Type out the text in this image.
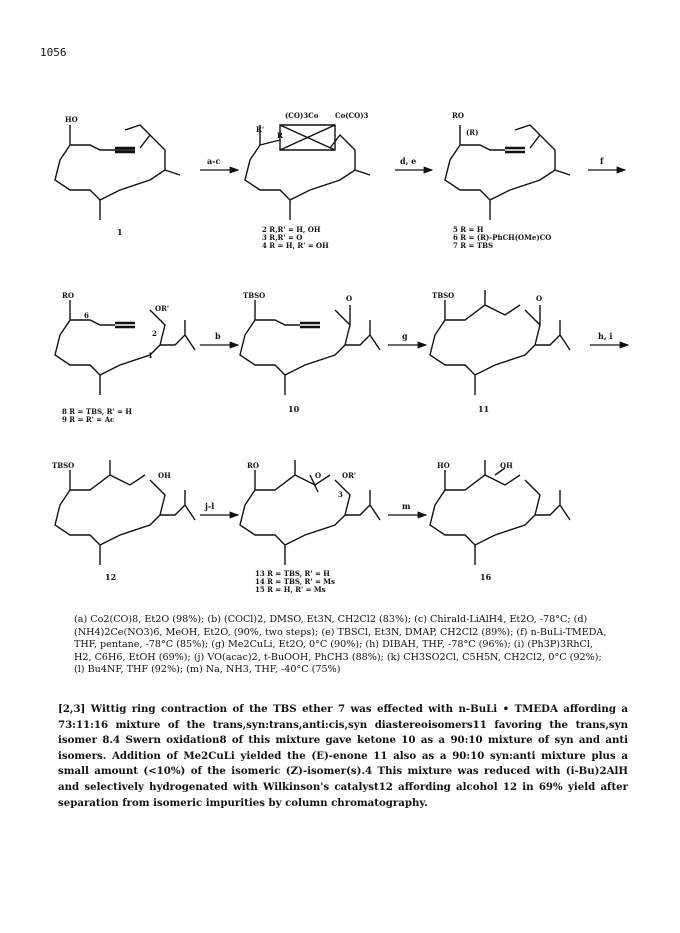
1056
HO
1
a-c
(CO)3Co Co(CO)3
R'
R
2 R,R' = H, OH
3 R,R' = O
4 R = H, R' = OH
d, e
RO
(R)
5 R = H
6 R = (R)-PhCH(OMe)CO
7 R = TBS
f
RO
OR'
6
2
1
8 R = TBS, R' = H
9 R = R' = Ac
b
TBSO	O
10
g
TBSO	O
11
h, i
TBSO
OH
12
j-l
RO
O	OR'
3
13 R = TBS, R' = H
14 R = TBS, R' = Ms
15 R = H, R' = Ms
m
HO	OH
16

(a) Co2(CO)8, Et2O (98%); (b) (COCl)2, DMSO, Et3N, CH2Cl2 (83%); (c) Chirald-LiAlH4, Et2O, -78°C; (d) (NH4)2Ce(NO3)6, MeOH, Et2O, (90%, two steps); (e) TBSCl, Et3N, DMAP, CH2Cl2 (89%); (f) n-BuLi-TMEDA, THF, pentane, -78°C (85%); (g) Me2CuLi, Et2O, 0°C (90%); (h) DIBAH, THF, -78°C (96%); (i) (Ph3P)3RhCl, H2, C6H6, EtOH (69%); (j) VO(acac)2, t-BuOOH, PhCH3 (88%); (k) CH3SO2Cl, C5H5N, CH2Cl2, 0°C (92%); (l) Bu4NF, THF (92%); (m) Na, NH3, THF, -40°C (75%)

[2,3] Wittig ring contraction of the TBS ether 7 was effected with n-BuLi • TMEDA affording a 73:11:16 mixture of the trans,syn:trans,anti:cis,syn diastereoisomers11 favoring the trans,syn isomer 8.4 Swern oxidation8 of this mixture gave ketone 10 as a 90:10 mixture of syn and anti isomers. Addition of Me2CuLi yielded the (E)-enone 11 also as a 90:10 syn:anti mixture plus a small amount (<10%) of the isomeric (Z)-isomer(s).4 This mixture was reduced with (i-Bu)2AlH and selectively hydrogenated with Wilkinson's catalyst12 affording alcohol 12 in 69% yield after separation from isomeric impurities by column chromatography.
